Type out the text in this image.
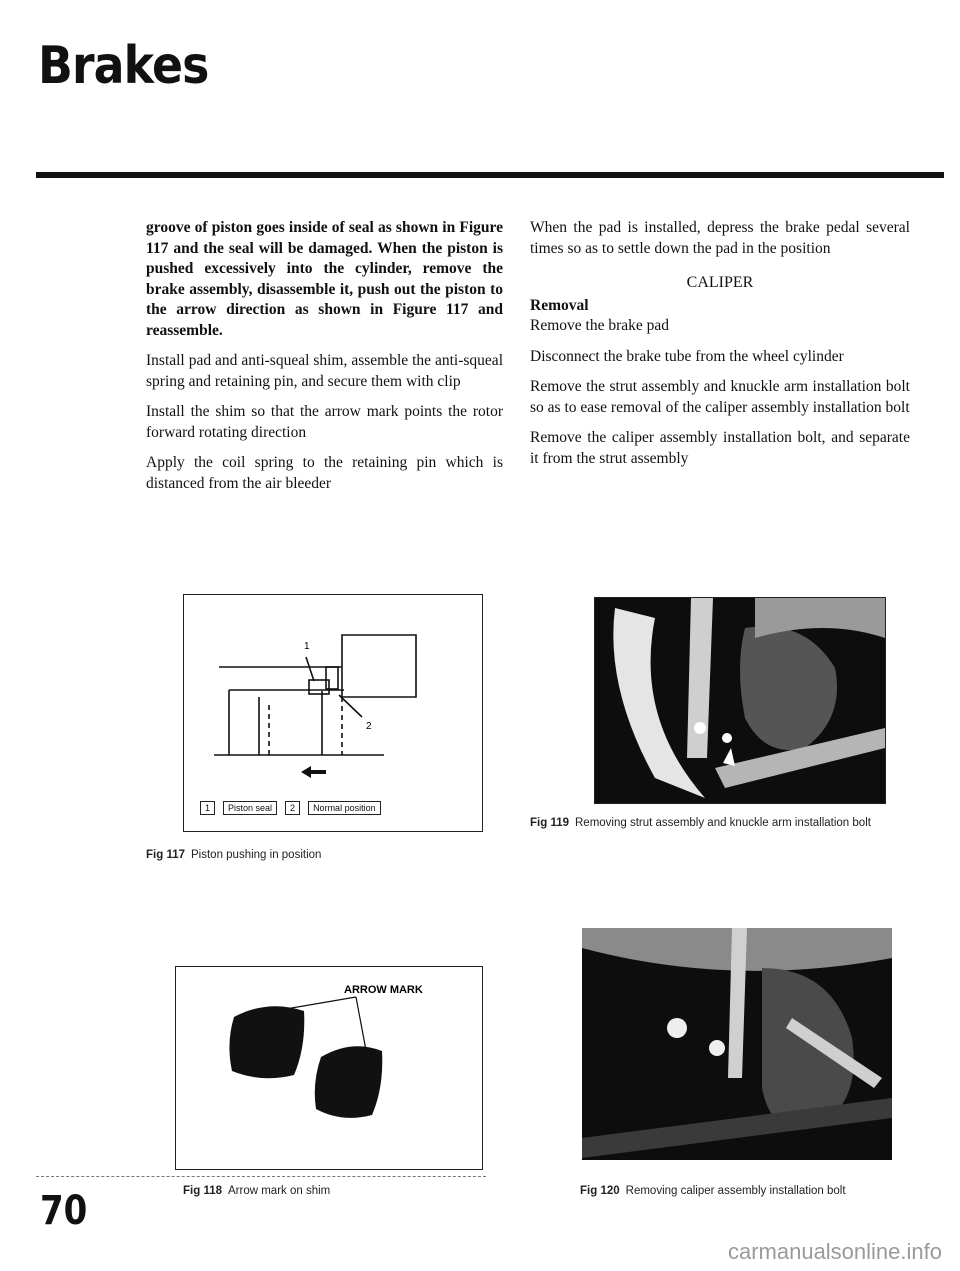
Brakes

groove of piston goes inside of seal as shown in Figure 117 and the seal will be damaged. When the piston is pushed excessively into the cylinder, remove the brake assembly, disassemble it, push out the piston to the arrow direction as shown in Figure 117 and reassemble.

Install pad and anti-squeal shim, assemble the anti-squeal spring and retaining pin, and secure them with clip

Install the shim so that the arrow mark points the rotor forward rotating direction

Apply the coil spring to the retaining pin which is distanced from the air bleeder

When the pad is installed, depress the brake pedal several times so as to settle down the pad in the position

CALIPER

Removal

Remove the brake pad

Disconnect the brake tube from the wheel cylinder

Remove the strut assembly and knuckle arm installation bolt so as to ease removal of the caliper assembly installation bolt

Remove the caliper assembly installation bolt, and separate it from the strut assembly

1
2
1	Piston seal	2	Normal position
Fig 117 Piston pushing in position
ARROW MARK
Fig 118 Arrow mark on shim
Fig 119 Removing strut assembly and knuckle arm installation bolt
Fig 120 Removing caliper assembly installation bolt
70
carmanualsonline.info
